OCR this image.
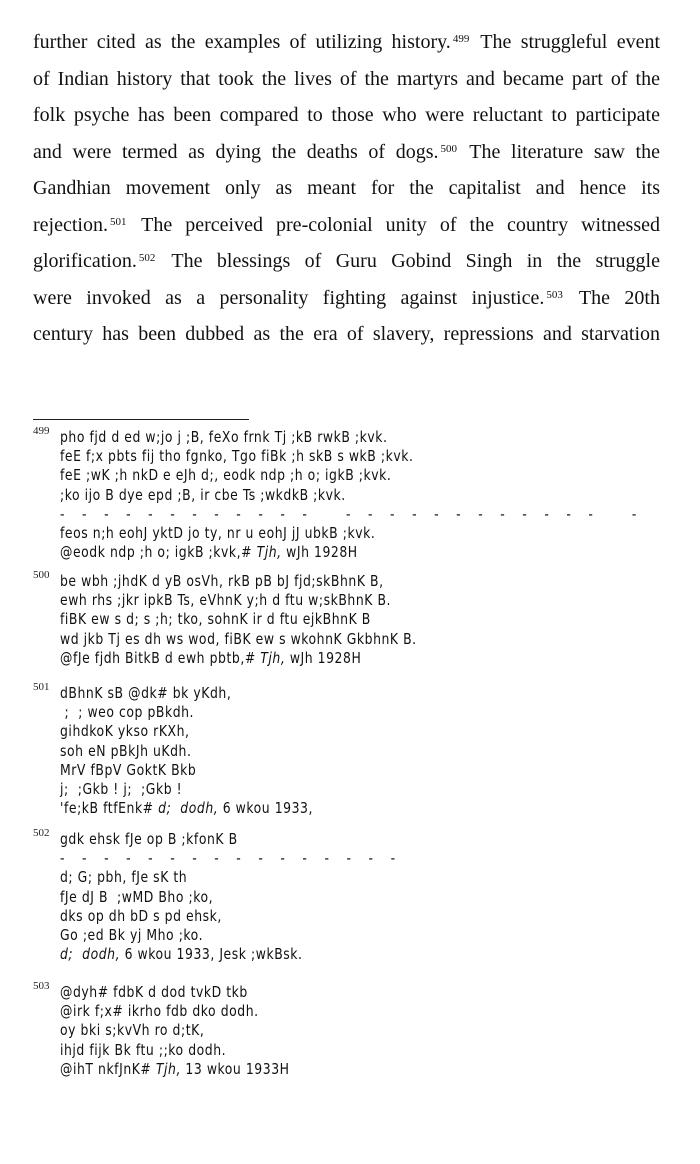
further cited as the examples of utilizing history. $^{499}$ The struggleful event
of Indian history that took the lives of the martyrs and became part of the
folk psyche has been compared to those who were reluctant to participate
and were termed as dying the deaths of dogs. $^{500}$ The literature saw the
Gandhian movement only as meant for the capitalist and hence its
rejection. $^{501}$ The perceived pre-colonial unity of the country witnessed
glorification. $^{502}$ The blessings of Guru Gobind Singh in the struggle
were invoked as a personality fighting against injustice. $^{503}$ The 20th
century has been dubbed as the era of slavery, repressions and starvation
499 pho fjd d ed w;jo j ;B, feXo frnk Tj ;kB rwkB ;kvk.
feE f;x pbts fij tho fgnko, Tgo fiBk ;h skB s wkB ;kvk.
feE ;wK ;h nkD e eJh d;, eodk ndp ;h o; igkB ;kvk.
;ko ijo B dye epd ;B, ir cbe Ts ;wkdkB ;kvk.
- - - - - - - - - - - -   - - - - - - - - - - - -   -
feos n;h eohJ yktD jo ty, nr u eohJ jJ ubkB ;kvk.
@eodk ndp ;h o; igkB ;kvk,# Tjh, wJh 1928H
500 be wbh ;jhdK d yB osVh, rkB pB bJ fjd;skBhnK B,
ewh rhs ;jkr ipkB Ts, eVhnK y;h d ftu w;skBhnK B.
fiBK ew s d; s ;h; tko, sohnK ir d ftu ejkBhnK B
wd jkb Tj es dh ws wod, fiBK ew s wkohnK GkbhnK B.
@fJe fjdh BitkB d ewh pbtb,# Tjh, wJh 1928H
501 dBhnK sB @dk# bk yKdh,
;  ; weo cop pBkdh.
gihdkoK ykso rKXh,
soh eN pBkJh uKdh.
MrV fBpV GoktK Bkb
j;  ;Gkb ! j;  ;Gkb !
'fe;kB ftfEnk# d;  dodh, 6 wkou 1933,
502 gdk ehsk fJe op B ;kfonK B
- - - - - - - - - - - - - - - -
d; G; pbh, fJe sK th
fJe dJ B  ;wMD Bho ;ko,
dks op dh bD s pd ehsk,
Go ;ed Bk yj Mho ;ko.
d;  dodh, 6 wkou 1933, Jesk ;wkBsk.
503 @dyh# fdbK d dod tvkD tkb
@irk f;x# ikrho fdb dko dodh.
oy bki s;kvVh ro d;tK,
ihjd fijk Bk ftu ;;ko dodh.
@ihT nkfJnK# Tjh, 13 wkou 1933H
